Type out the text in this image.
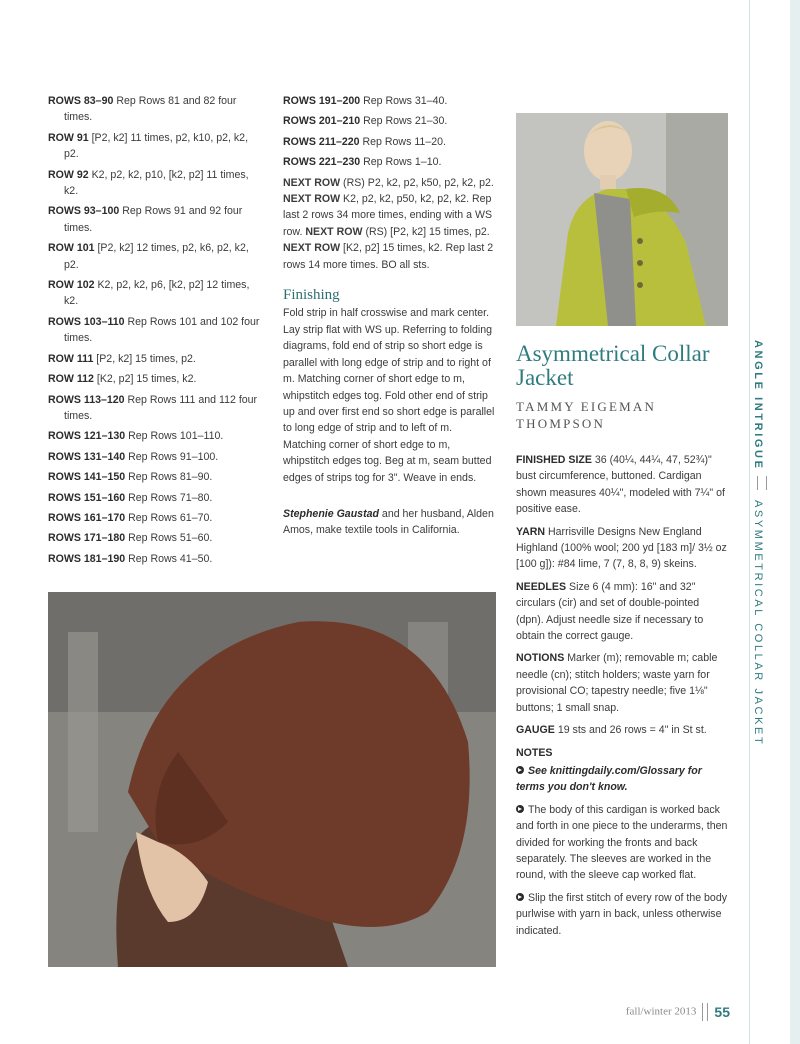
ROWS 83–90 Rep Rows 81 and 82 four times.
ROW 91 [P2, k2] 11 times, p2, k10, p2, k2, p2.
ROW 92 K2, p2, k2, p10, [k2, p2] 11 times, k2.
ROWS 93–100 Rep Rows 91 and 92 four times.
ROW 101 [P2, k2] 12 times, p2, k6, p2, k2, p2.
ROW 102 K2, p2, k2, p6, [k2, p2] 12 times, k2.
ROWS 103–110 Rep Rows 101 and 102 four times.
ROW 111 [P2, k2] 15 times, p2.
ROW 112 [K2, p2] 15 times, k2.
ROWS 113–120 Rep Rows 111 and 112 four times.
ROWS 121–130 Rep Rows 101–110.
ROWS 131–140 Rep Rows 91–100.
ROWS 141–150 Rep Rows 81–90.
ROWS 151–160 Rep Rows 71–80.
ROWS 161–170 Rep Rows 61–70.
ROWS 171–180 Rep Rows 51–60.
ROWS 181–190 Rep Rows 41–50.
ROWS 191–200 Rep Rows 31–40.
ROWS 201–210 Rep Rows 21–30.
ROWS 211–220 Rep Rows 11–20.
ROWS 221–230 Rep Rows 1–10.

NEXT ROW (RS) P2, k2, p2, k50, p2, k2, p2. NEXT ROW K2, p2, k2, p50, k2, p2, k2. Rep last 2 rows 34 more times, ending with a WS row. NEXT ROW (RS) [P2, k2] 15 times, p2. NEXT ROW [K2, p2] 15 times, k2. Rep last 2 rows 14 more times. BO all sts.

Finishing

Fold strip in half crosswise and mark center. Lay strip flat with WS up. Referring to folding diagrams, fold end of strip so short edge is parallel with long edge of strip and to right of m. Matching corner of short edge to m, whipstitch edges tog. Fold other end of strip up and over first end so short edge is parallel to long edge of strip and to left of m. Matching corner of short edge to m, whipstitch edges tog. Beg at m, seam butted edges of strips tog for 3". Weave in ends.

Stephenie Gaustad and her husband, Alden Amos, make textile tools in California.

Asymmetrical Collar Jacket
TAMMY EIGEMAN THOMPSON

FINISHED SIZE 36 (40¼, 44¼, 47, 52¾)" bust circumference, buttoned. Cardigan shown measures 40¼", modeled with 7¼" of positive ease.

YARN Harrisville Designs New England Highland (100% wool; 200 yd [183 m]/ 3½ oz [100 g]): #84 lime, 7 (7, 8, 8, 9) skeins.

NEEDLES Size 6 (4 mm): 16" and 32" circulars (cir) and set of double-pointed (dpn). Adjust needle size if necessary to obtain the correct gauge.

NOTIONS Marker (m); removable m; cable needle (cn); stitch holders; waste yarn for provisional CO; tapestry needle; five 1⅛" buttons; 1 small snap.

GAUGE 19 sts and 26 rows = 4" in St st.

NOTES

See knittingdaily.com/Glossary for terms you don't know.

The body of this cardigan is worked back and forth in one piece to the underarms, then divided for working the fronts and back separately. The sleeves are worked in the round, with the sleeve cap worked flat.

Slip the first stitch of every row of the body purlwise with yarn in back, unless otherwise indicated.

ANGLE INTRIGUE
ASYMMETRICAL COLLAR JACKET
fall/winter 2013 55
